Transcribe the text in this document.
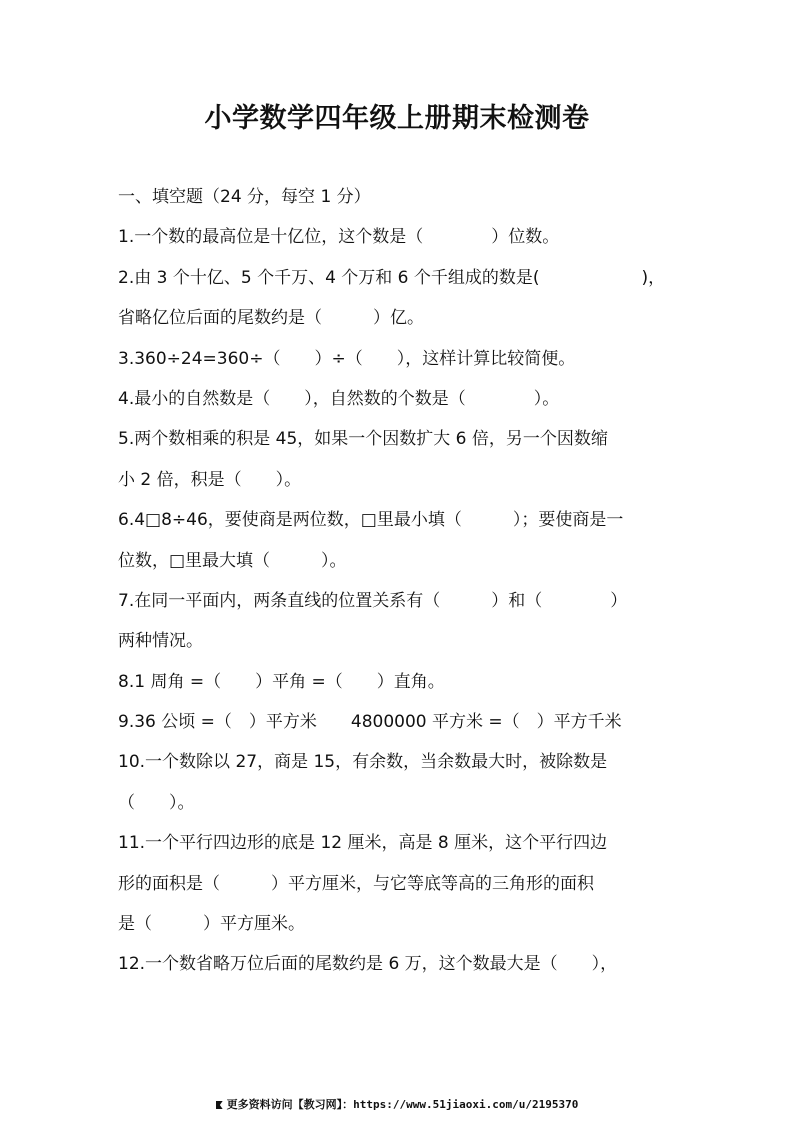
小学数学四年级上册期末检测卷
一、填空题（24 分，每空 1 分）
1.一个数的最高位是十亿位，这个数是（　　　　）位数。
2.由 3 个十亿、5 个千万、4 个万和 6 个千组成的数是(　　　　　　)，
省略亿位后面的尾数约是（　　　）亿。
3.360÷24=360÷（　　）÷（　　），这样计算比较简便。
4.最小的自然数是（　　），自然数的个数是（　　　　）。
5.两个数相乘的积是 45，如果一个因数扩大 6 倍，另一个因数缩
小 2 倍，积是（　　）。
6.4□8÷46，要使商是两位数，□里最小填（　　　）；要使商是一
位数，□里最大填（　　　）。
7.在同一平面内，两条直线的位置关系有（　　　）和（　　　　）
两种情况。
8.1 周角 =（　　）平角 =（　　）直角。
9.36 公顷 =（　）平方米　　4800000 平方米 =（　）平方千米
10.一个数除以 27，商是 15，有余数，当余数最大时，被除数是
（　　）。
11.一个平行四边形的底是 12 厘米，高是 8 厘米，这个平行四边
形的面积是（　　　）平方厘米，与它等底等高的三角形的面积
是（　　　）平方厘米。
12.一个数省略万位后面的尾数约是 6 万，这个数最大是（　　），
更多资料访问【教习网】：https://www.51jiaoxi.com/u/2195370
